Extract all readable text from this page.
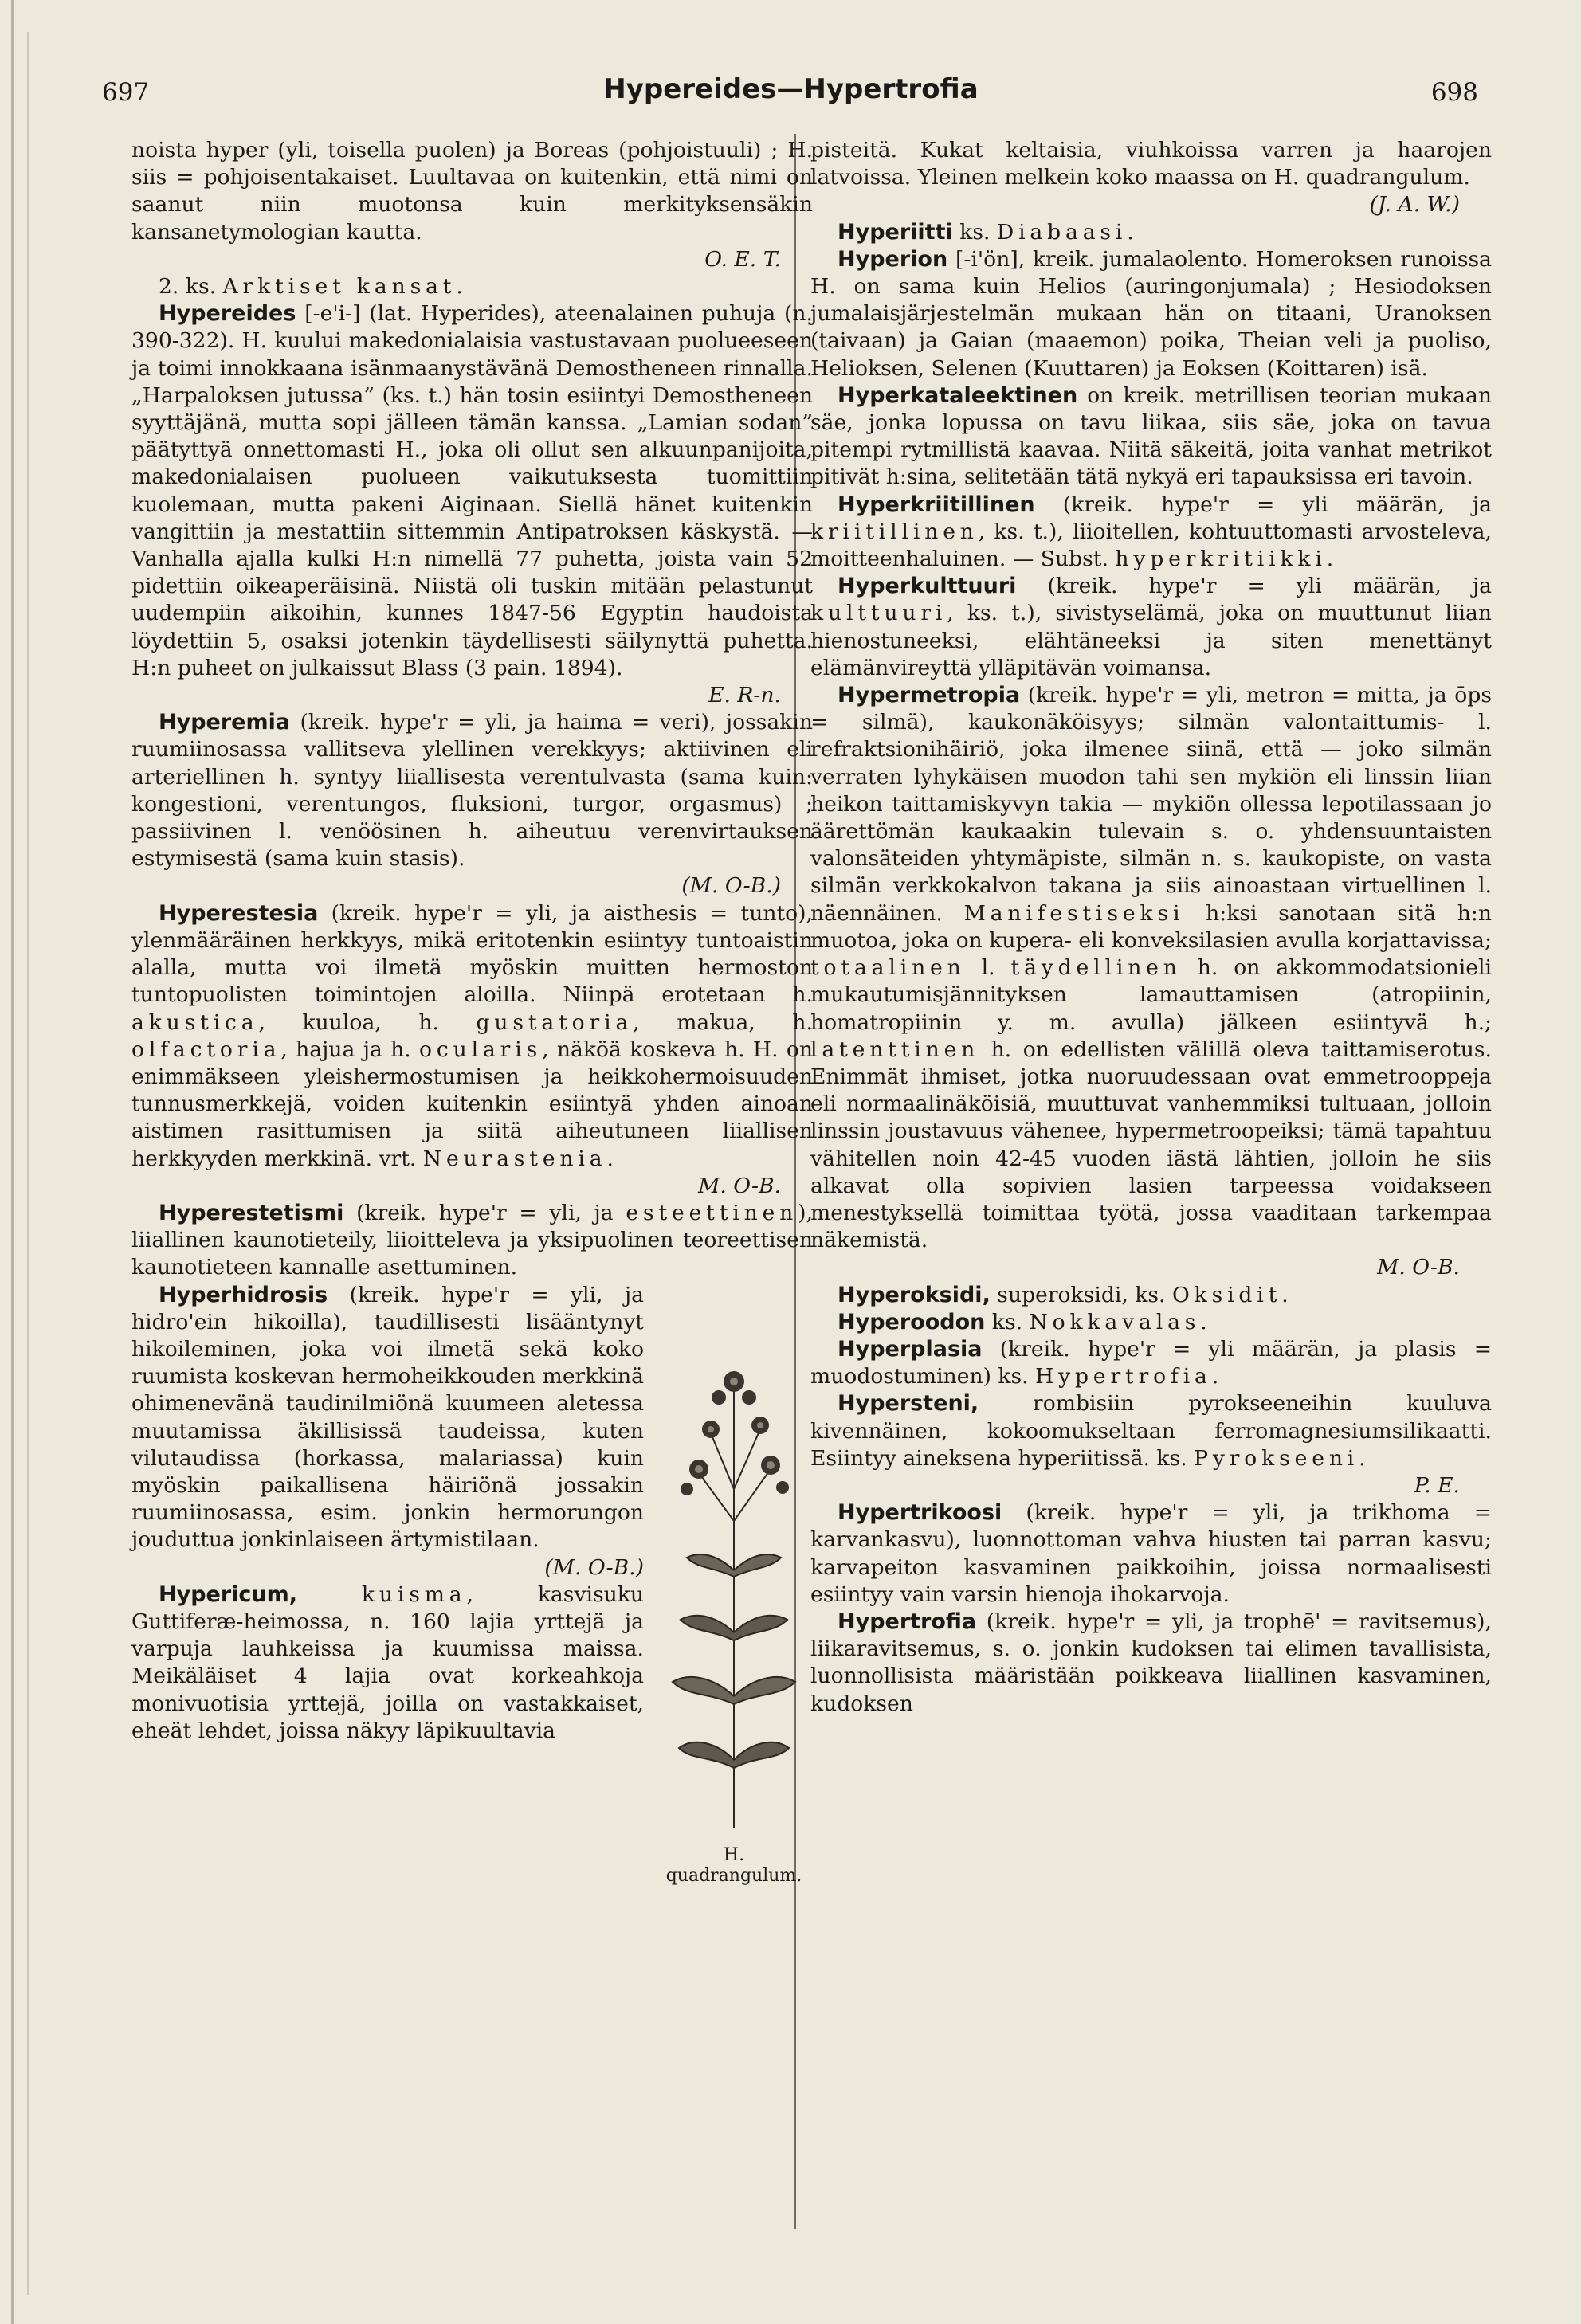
697	Hypereides—Hypertrofia	698

noista hyper (yli, toisella puolen) ja Boreas (pohjoistuuli) ; H. siis = pohjoisentakaiset. Luultavaa on kuitenkin, että nimi on saanut niin muotonsa kuin merkityksensäkin kansanetymologian kautta.
O. E. T.

2. ks. Arktiset kansat.

Hypereides [-e'i-] (lat. Hyperides), ateenalainen puhuja (n. 390-322). H. kuului makedonialaisia vastustavaan puolueeseen ja toimi innokkaana isänmaanystävänä Demostheneen rinnalla. „Harpaloksen jutussa” (ks. t.) hän tosin esiintyi Demostheneen syyttäjänä, mutta sopi jälleen tämän kanssa. „Lamian sodan” päätyttyä onnettomasti H., joka oli ollut sen alkuunpanijoita, makedonialaisen puolueen vaikutuksesta tuomittiin kuolemaan, mutta pakeni Aiginaan. Siellä hänet kuitenkin vangittiin ja mestattiin sittemmin Antipatroksen käskystä. — Vanhalla ajalla kulki H:n nimellä 77 puhetta, joista vain 52 pidettiin oikeaperäisinä. Niistä oli tuskin mitään pelastunut uudempiin aikoihin, kunnes 1847-56 Egyptin haudoista löydettiin 5, osaksi jotenkin täydellisesti säilynyttä puhetta. H:n puheet on julkaissut Blass (3 pain. 1894).
E. R-n.

Hyperemia (kreik. hype'r = yli, ja haima = veri), jossakin ruumiinosassa vallitseva ylellinen verekkyys; aktiivinen eli arteriellinen h. syntyy liiallisesta verentulvasta (sama kuin: kongestioni, verentungos, fluksioni, turgor, orgasmus) ; passiivinen l. venöösinen h. aiheutuu verenvirtauksen estymisestä (sama kuin stasis).
(M. O-B.)

Hyperestesia (kreik. hype'r = yli, ja aisthesis = tunto), ylenmääräinen herkkyys, mikä eritotenkin esiintyy tuntoaistin alalla, mutta voi ilmetä myöskin muitten hermoston tuntopuolisten toimintojen aloilla. Niinpä erotetaan h. akustica, kuuloa, h. gustatoria, makua, h. olfactoria, hajua ja h. ocularis, näköä koskeva h. H. on enimmäkseen yleishermostumisen ja heikkohermoisuuden tunnusmerkkejä, voiden kuitenkin esiintyä yhden ainoan aistimen rasittumisen ja siitä aiheutuneen liiallisen herkkyyden merkkinä. vrt. Neurastenia.
M. O-B.

Hyperestetismi (kreik. hype'r = yli, ja esteettinen), liiallinen kaunotieteily, liioitteleva ja yksipuolinen teoreettisen kaunotieteen kannalle asettuminen.

H. quadrangulum.

Hyperhidrosis (kreik. hype'r = yli, ja hidro'ein hikoilla), taudillisesti lisääntynyt hikoileminen, joka voi ilmetä sekä koko ruumista koskevan hermoheikkouden merkkinä ohimenevänä taudinilmiönä kuumeen aletessa muutamissa äkillisissä taudeissa, kuten vilutaudissa (horkassa, malariassa) kuin myöskin paikallisena häiriönä jossakin ruumiinosassa, esim. jonkin hermorungon jouduttua jonkinlaiseen ärtymistilaan.
(M. O-B.)

Hypericum,	kuisma, kasvisuku Guttiferæ-heimossa, n. 160 lajia yrttejä ja varpuja lauhkeissa ja kuumissa maissa. Meikäläiset 4 lajia ovat korkeahkoja monivuotisia yrttejä, joilla on vastakkaiset, eheät lehdet, joissa näkyy läpikuultavia

pisteitä. Kukat keltaisia, viuhkoissa varren ja haarojen latvoissa. Yleinen melkein koko maassa on H. quadrangulum.
(J. A. W.)

Hyperiitti ks. Diabaasi.

Hyperion [-i'ön], kreik. jumalaolento. Homeroksen runoissa H. on sama kuin Helios (auringonjumala) ; Hesiodoksen jumalaisjärjestelmän mukaan hän on titaani, Uranoksen (taivaan) ja Gaian (maaemon) poika, Theian veli ja puoliso, Helioksen, Selenen (Kuuttaren) ja Eoksen (Koittaren) isä.

Hyperkataleektinen on kreik. metrillisen teorian mukaan säe, jonka lopussa on tavu liikaa, siis säe, joka on tavua pitempi rytmillistä kaavaa. Niitä säkeitä, joita vanhat metrikot pitivät h:sina, selitetään tätä nykyä eri tapauksissa eri tavoin.

Hyperkriitillinen (kreik. hype'r = yli määrän, ja kriitillinen, ks. t.), liioitellen, kohtuuttomasti arvosteleva, moitteenhaluinen. — Subst. hyperkritiikki.

Hyperkulttuuri (kreik. hype'r = yli määrän, ja kulttuuri, ks. t.), sivistyselämä, joka on muuttunut liian hienostuneeksi, elähtäneeksi ja siten menettänyt elämänvireyttä ylläpitävän voimansa.

Hypermetropia (kreik. hype'r = yli, metron = mitta, ja ōps = silmä), kaukonäköisyys; silmän valontaittumis- l. refraktsionihäiriö, joka ilmenee siinä, että — joko silmän verraten lyhykäisen muodon tahi sen mykiön eli linssin liian heikon taittamiskyvyn takia — mykiön ollessa lepotilassaan jo äärettömän kaukaakin tulevain s. o. yhdensuuntaisten valonsäteiden yhtymäpiste, silmän n. s. kaukopiste, on vasta silmän verkkokalvon takana ja siis ainoastaan virtuellinen l. näennäinen. Manifestiseksi h:ksi sanotaan sitä h:n muotoa, joka on kupera- eli konveksilasien avulla korjattavissa; totaalinen l. täydellinen h. on akkommodatsionieli mukautumisjännityksen lamauttamisen (atropiinin, homatropiinin y. m. avulla) jälkeen esiintyvä h.; latenttinen h. on edellisten välillä oleva taittamiserotus. Enimmät ihmiset, jotka nuoruudessaan ovat emmetrooppeja eli normaalinäköisiä, muuttuvat vanhemmiksi tultuaan, jolloin linssin joustavuus vähenee, hypermetroopeiksi; tämä tapahtuu vähitellen noin 42-45 vuoden iästä lähtien, jolloin he siis alkavat olla sopivien lasien tarpeessa voidakseen menestyksellä toimittaa työtä, jossa vaaditaan tarkempaa näkemistä.
M. O-B.

Hyperoksidi, superoksidi, ks. Oksidit.

Hyperoodon ks. Nokkavalas.

Hyperplasia (kreik. hype'r = yli määrän, ja plasis = muodostuminen) ks. Hypertrofia.

Hypersteni,	rombisiin pyrokseeneihin kuuluva kivennäinen, kokoomukseltaan ferromagnesiumsilikaatti. Esiintyy aineksena hyperiitissä. ks. Pyrokseeni.
P. E.

Hypertrikoosi (kreik. hype'r = yli, ja trikhoma = karvankasvu), luonnottoman vahva hiusten tai parran kasvu; karvapeiton kasvaminen paikkoihin, joissa normaalisesti esiintyy vain varsin hienoja ihokarvoja.

Hypertrofia (kreik. hype'r = yli, ja trophē' = ravitsemus), liikaravitsemus, s. o. jonkin kudoksen tai elimen tavallisista, luonnollisista määristään poikkeava liiallinen kasvaminen, kudoksen
